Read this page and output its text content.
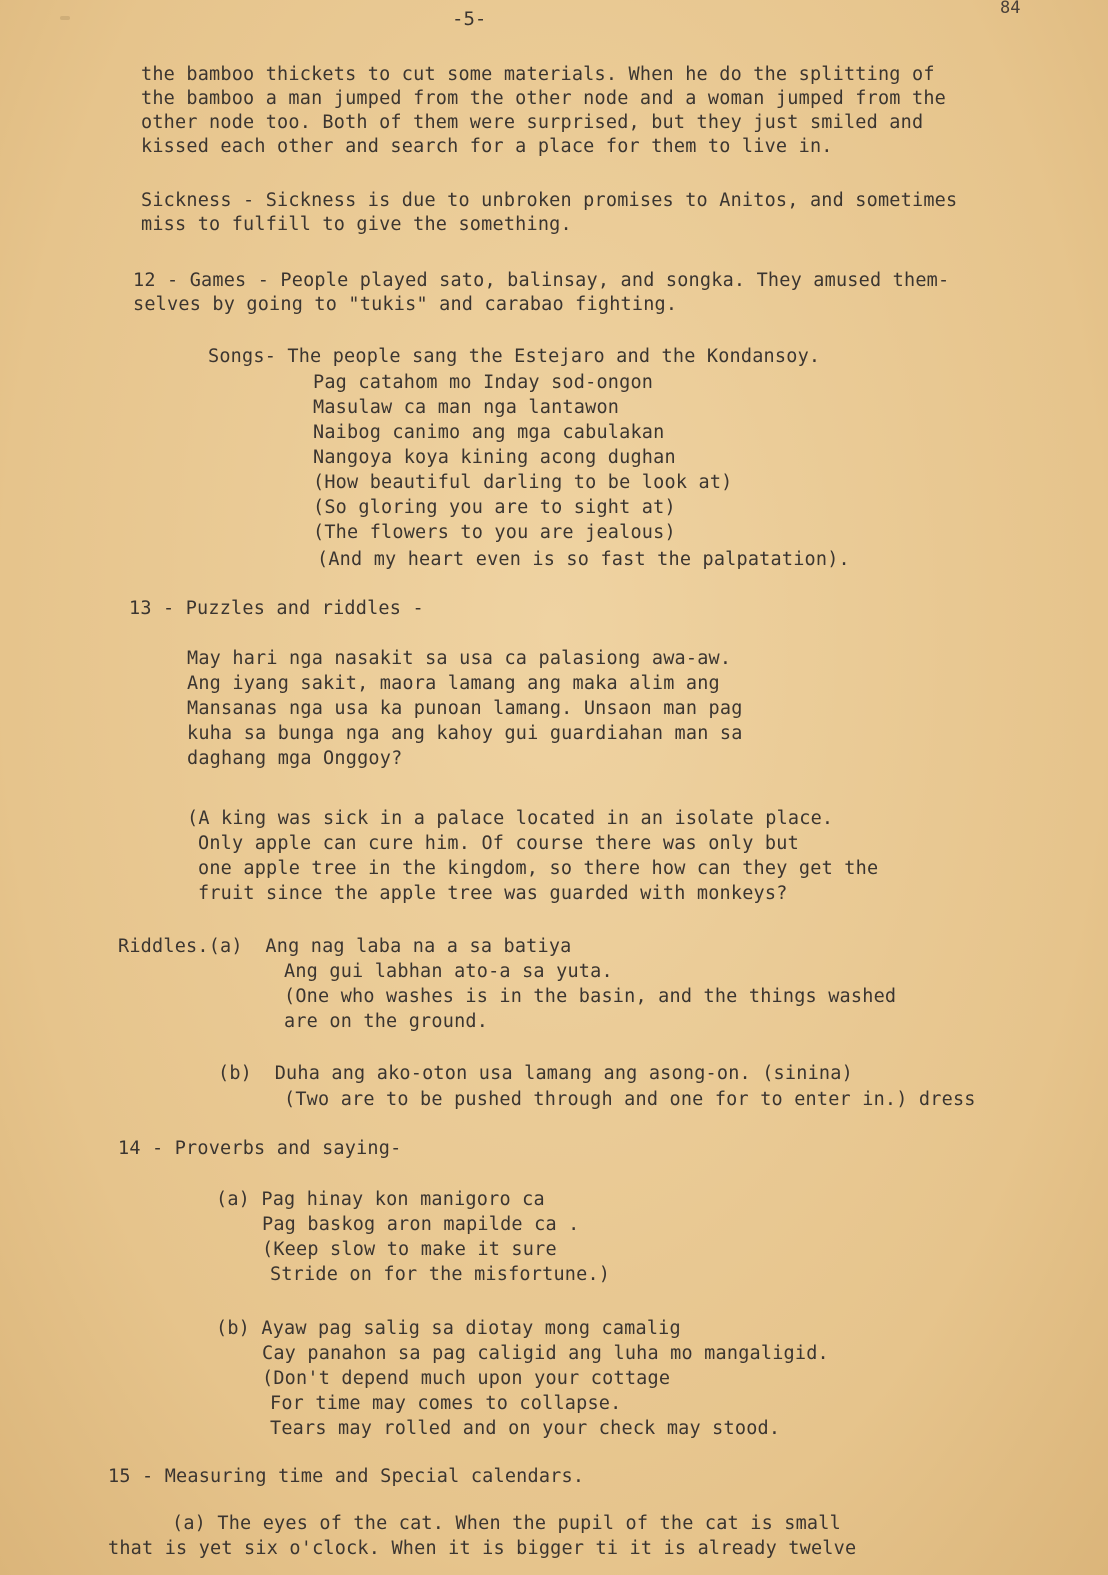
-5-	84
the bamboo thickets to cut some materials. When he do the splitting of
the bamboo a man jumped from the other node and a woman jumped from the
other node too. Both of them were surprised, but they just smiled and
kissed each other and search for a place for them to live in.
Sickness - Sickness is due to unbroken promises to Anitos, and sometimes
miss to fulfill to give the something.
12 - Games - People played sato, balinsay, and songka. They amused them-
selves by going to "tukis" and carabao fighting.
Songs- The people sang the Estejaro and the Kondansoy.
Pag catahom mo Inday sod-ongon
Masulaw ca man nga lantawon
Naibog canimo ang mga cabulakan
Nangoya koya kining acong dughan
(How beautiful darling to be look at)
(So gloring you are to sight at)
(The flowers to you are jealous)
(And my heart even is so fast the palpatation).
13 - Puzzles and riddles -
May hari nga nasakit sa usa ca palasiong awa-aw.
Ang iyang sakit, maora lamang ang maka alim ang
Mansanas nga usa ka punoan lamang. Unsaon man pag
kuha sa bunga nga ang kahoy gui guardiahan man sa
daghang mga Onggoy?
(A king was sick in a palace located in an isolate place.
Only apple can cure him. Of course there was only but
one apple tree in the kingdom, so there how can they get the
fruit since the apple tree was guarded with monkeys?
Riddles.(a)  Ang nag laba na a sa batiya
Ang gui labhan ato-a sa yuta.
(One who washes is in the basin, and the things washed
are on the ground.
(b)  Duha ang ako-oton usa lamang ang asong-on. (sinina)
(Two are to be pushed through and one for to enter in.) dress
14 - Proverbs and saying-
(a) Pag hinay kon manigoro ca
Pag baskog aron mapilde ca .
(Keep slow to make it sure
Stride on for the misfortune.)
(b) Ayaw pag salig sa diotay mong camalig
Cay panahon sa pag caligid ang luha mo mangaligid.
(Don't depend much upon your cottage
For time may comes to collapse.
Tears may rolled and on your check may stood.
15 - Measuring time and Special calendars.
(a) The eyes of the cat. When the pupil of the cat is small
that is yet six o'clock. When it is bigger ti it is already twelve
